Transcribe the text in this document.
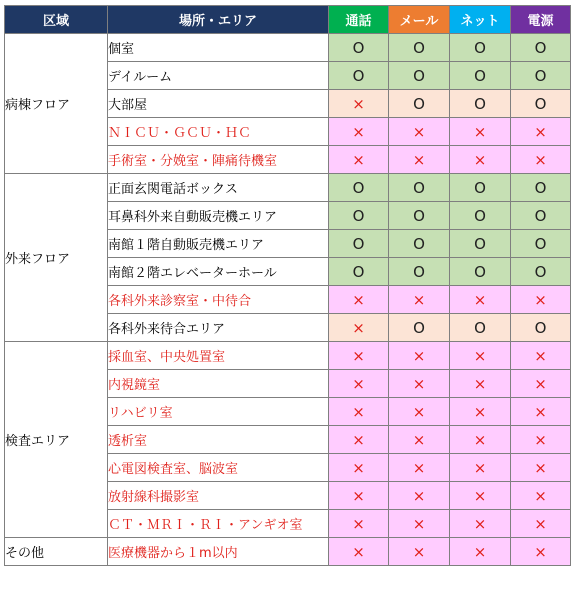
区域	場所・エリア	通話	メール	ネット	電源
病棟フロア	個室	O	O	O	O
	デイルーム	O	O	O	O
	大部屋	×	O	O	O
	ＮＩＣＵ・ＧＣＵ・ＨＣ	×	×	×	×
	手術室・分娩室・陣痛待機室	×	×	×	×
外来フロア	正面玄関電話ボックス	O	O	O	O
	耳鼻科外来自動販売機エリア	O	O	O	O
	南館１階自動販売機エリア	O	O	O	O
	南館２階エレベーターホール	O	O	O	O
	各科外来診察室・中待合	×	×	×	×
	各科外来待合エリア	×	O	O	O
検査エリア	採血室、中央処置室	×	×	×	×
	内視鏡室	×	×	×	×
	リハビリ室	×	×	×	×
	透析室	×	×	×	×
	心電図検査室、脳波室	×	×	×	×
	放射線科撮影室	×	×	×	×
	ＣＴ・ＭＲＩ・ＲＩ・アンギオ室	×	×	×	×
その他	医療機器から１m以内	×	×	×	×
